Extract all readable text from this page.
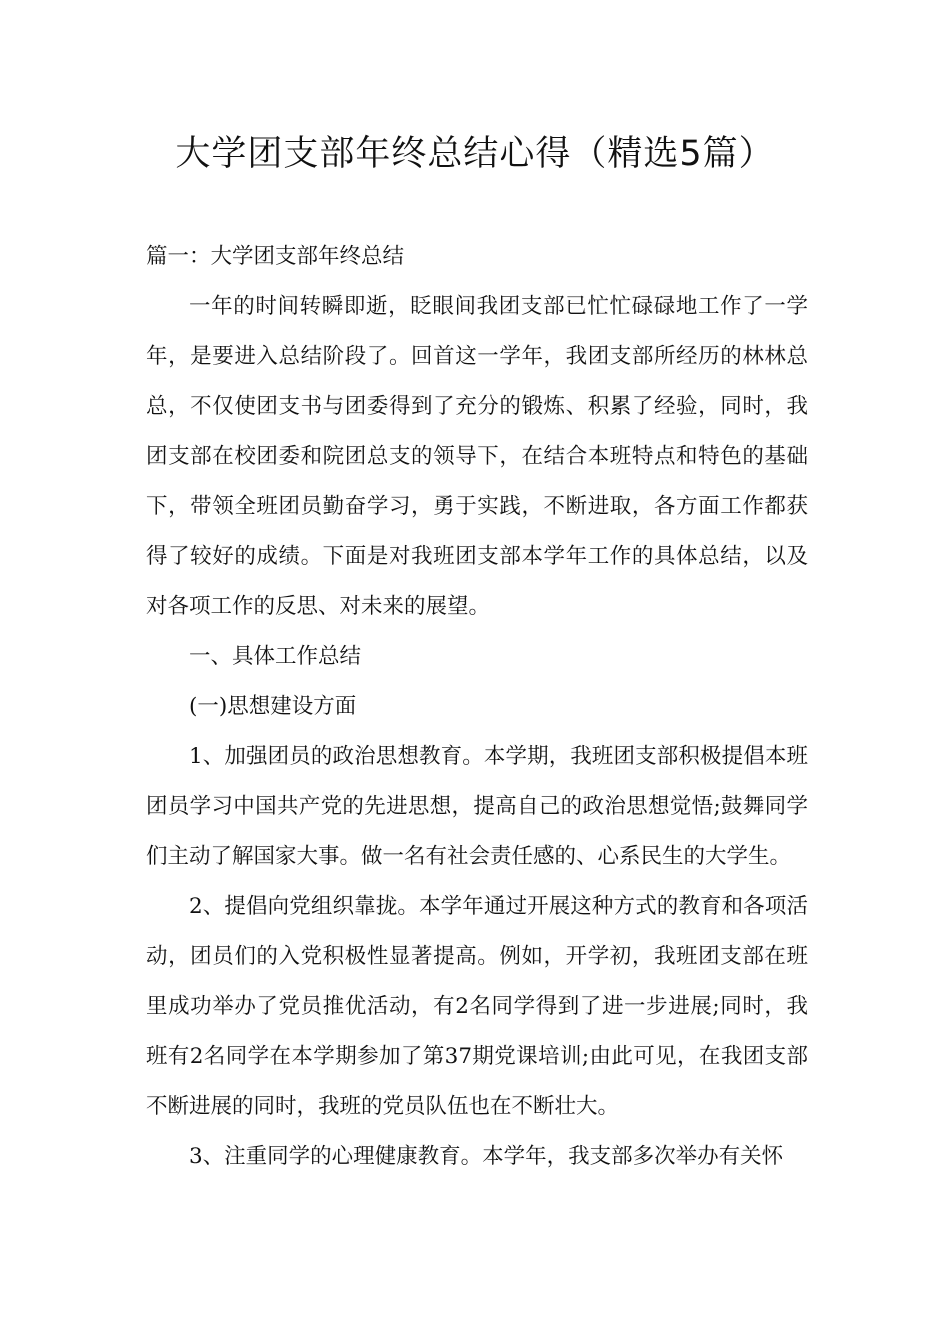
大学团支部年终总结心得（精选5篇）

篇一：大学团支部年终总结

一年的时间转瞬即逝，眨眼间我团支部已忙忙碌碌地工作了一学年，是要进入总结阶段了。回首这一学年，我团支部所经历的林林总总，不仅使团支书与团委得到了充分的锻炼、积累了经验，同时，我团支部在校团委和院团总支的领导下，在结合本班特点和特色的基础下，带领全班团员勤奋学习，勇于实践，不断进取，各方面工作都获得了较好的成绩。下面是对我班团支部本学年工作的具体总结，以及对各项工作的反思、对未来的展望。

一、具体工作总结

(一)思想建设方面

1、加强团员的政治思想教育。本学期，我班团支部积极提倡本班团员学习中国共产党的先进思想，提高自己的政治思想觉悟;鼓舞同学们主动了解国家大事。做一名有社会责任感的、心系民生的大学生。

2、提倡向党组织靠拢。本学年通过开展这种方式的教育和各项活动，团员们的入党积极性显著提高。例如，开学初，我班团支部在班里成功举办了党员推优活动，有2名同学得到了进一步进展;同时，我班有2名同学在本学期参加了第37期党课培训;由此可见，在我团支部不断进展的同时，我班的党员队伍也在不断壮大。

3、注重同学的心理健康教育。本学年，我支部多次举办有关怀
